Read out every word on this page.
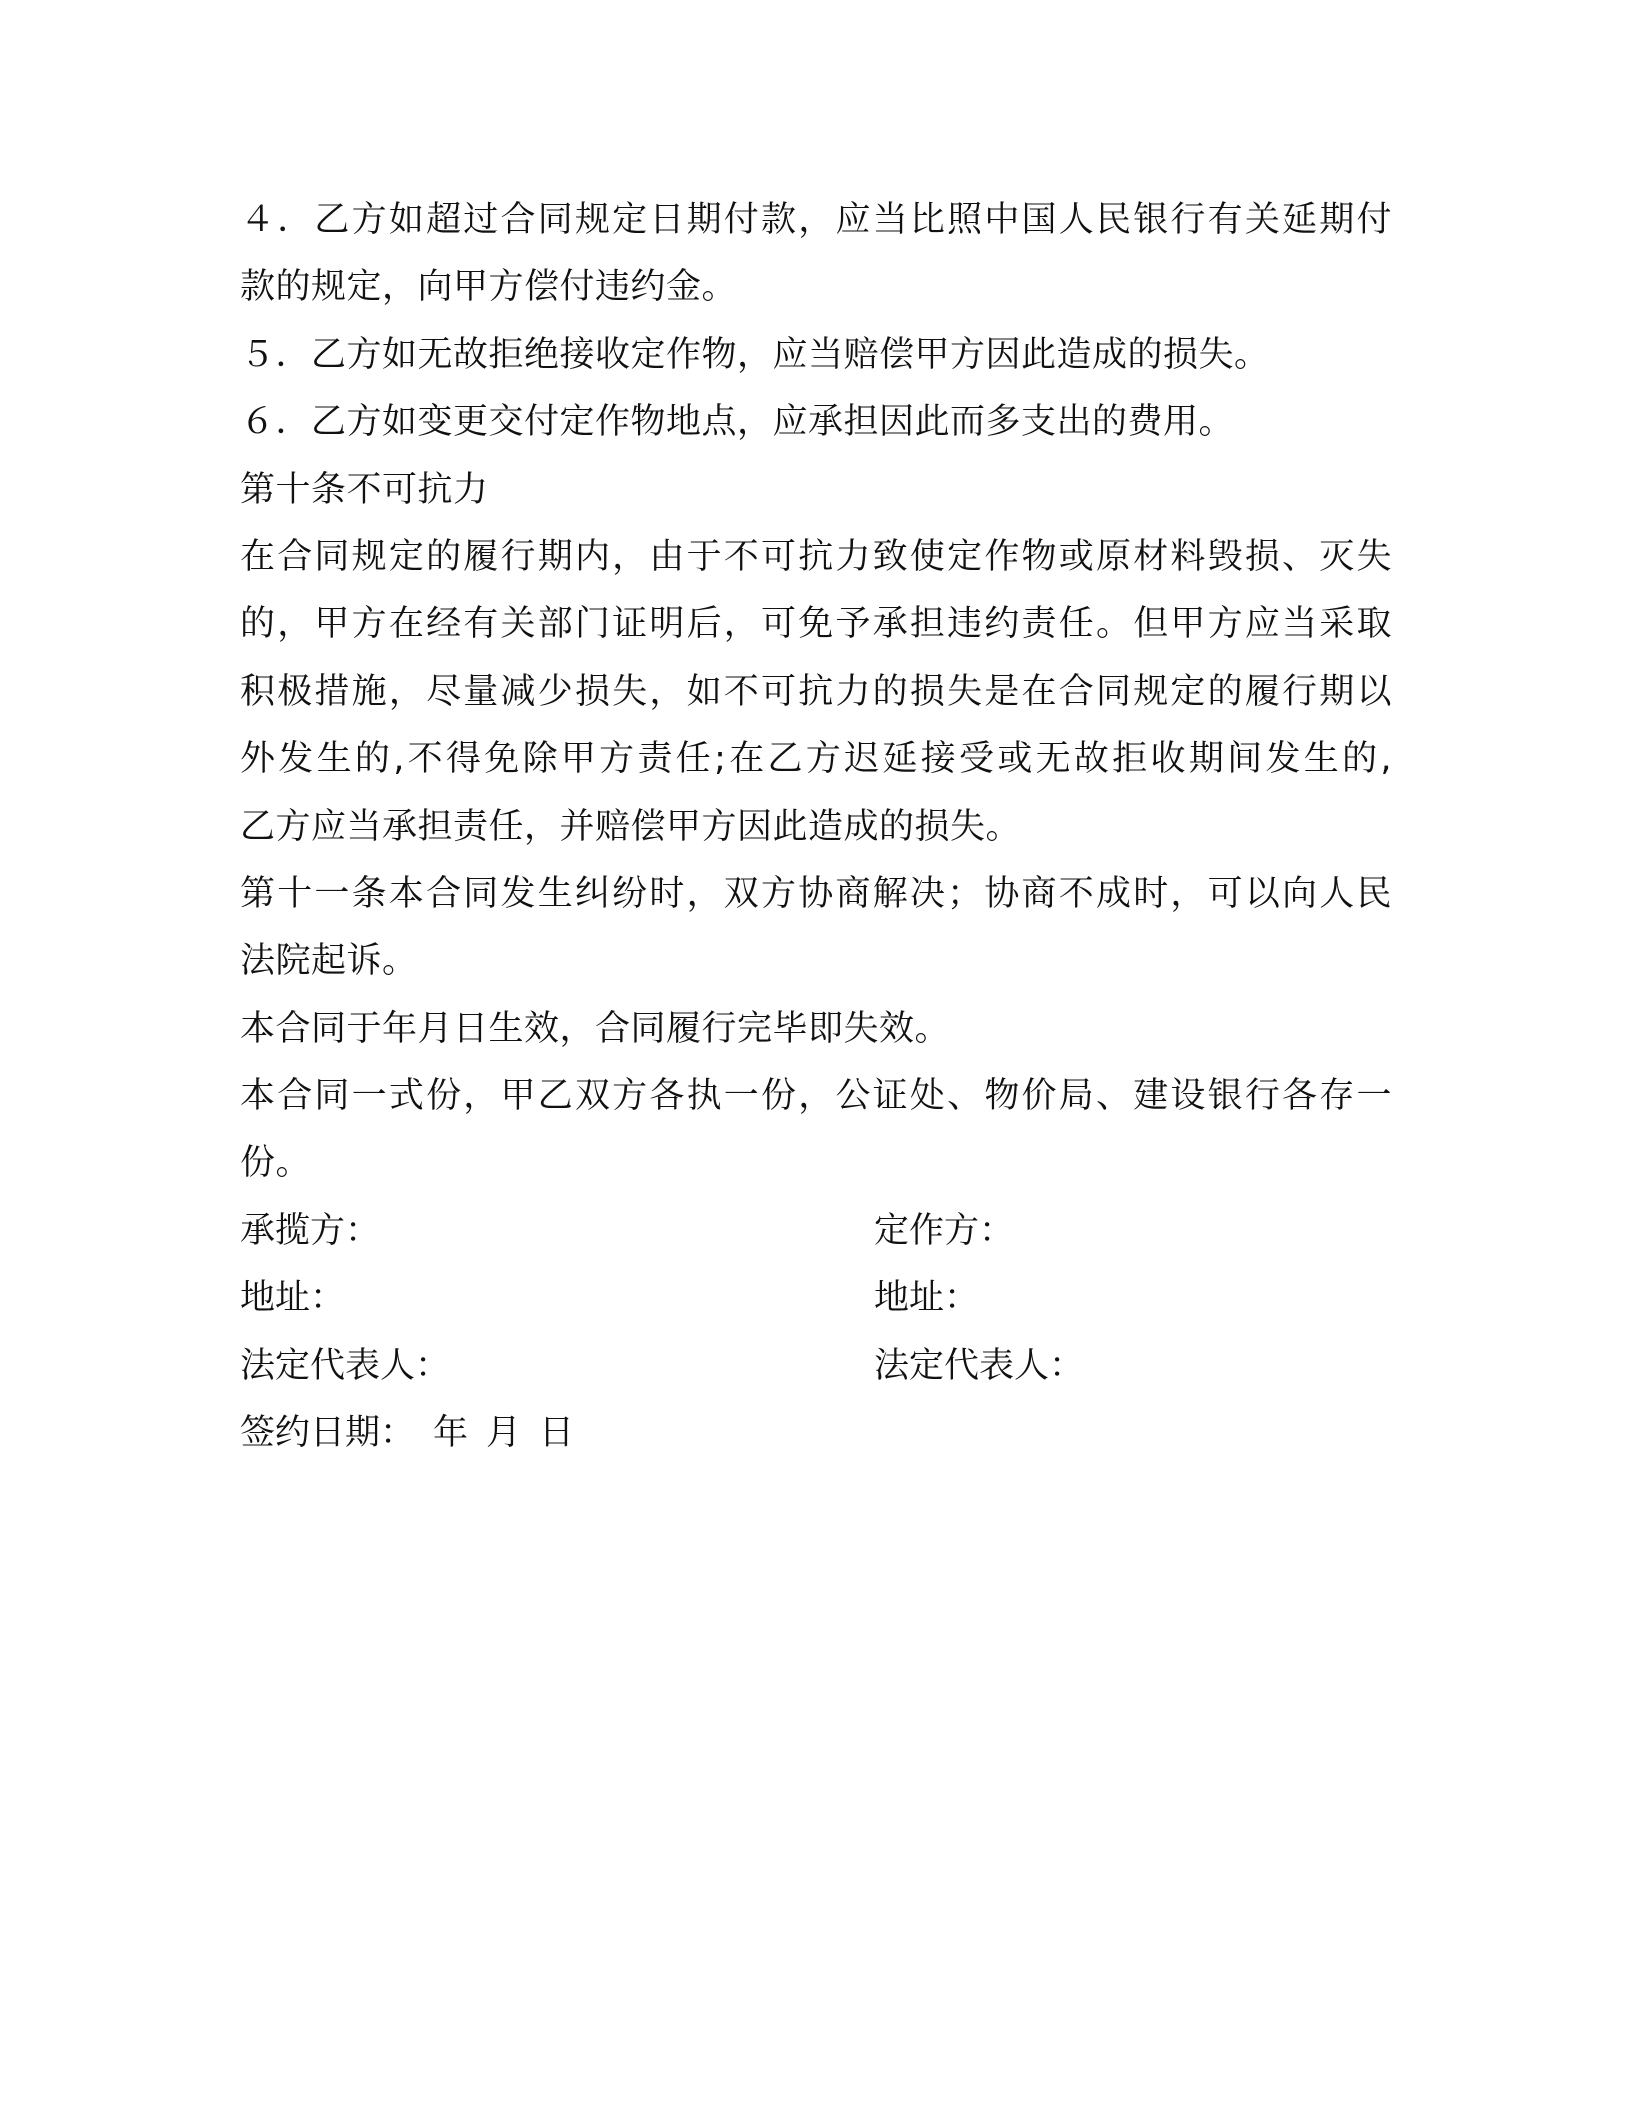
４．乙方如超过合同规定日期付款，应当比照中国人民银行有关延期付
款的规定，向甲方偿付违约金。
５．乙方如无故拒绝接收定作物，应当赔偿甲方因此造成的损失。
６．乙方如变更交付定作物地点，应承担因此而多支出的费用。
第十条不可抗力
在合同规定的履行期内，由于不可抗力致使定作物或原材料毁损、灭失
的，甲方在经有关部门证明后，可免予承担违约责任。但甲方应当采取
积极措施，尽量减少损失，如不可抗力的损失是在合同规定的履行期以
外发生的,不得免除甲方责任;在乙方迟延接受或无故拒收期间发生的,
乙方应当承担责任，并赔偿甲方因此造成的损失。
第十一条本合同发生纠纷时，双方协商解决；协商不成时，可以向人民
法院起诉。
本合同于年月日生效，合同履行完毕即失效。
本合同一式份，甲乙双方各执一份，公证处、物价局、建设银行各存一
份。
承揽方：	定作方：
地址：	地址：
法定代表人：	法定代表人：
签约日期： 年 月 日
